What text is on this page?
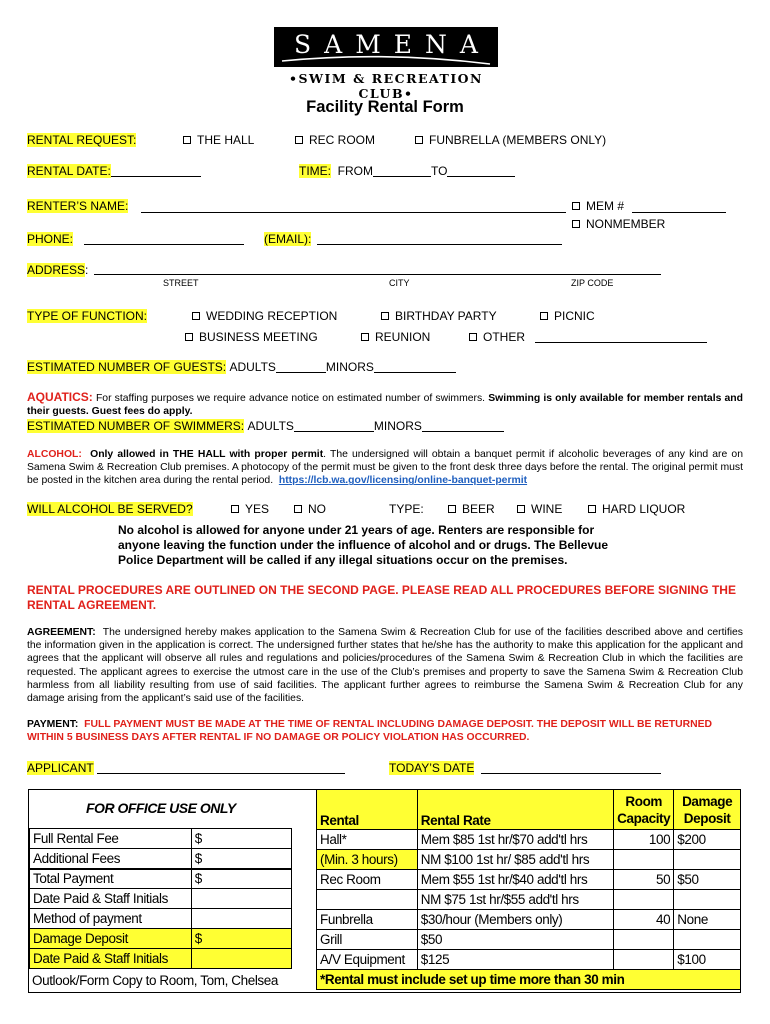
SAMENA
•SWIM & RECREATION CLUB•
Facility Rental Form
RENTAL REQUEST:	THE HALL	REC ROOM	FUNBRELLA (MEMBERS ONLY)
RENTAL DATE:	TIME: FROM	TO
RENTER’S NAME:	MEM #
NONMEMBER
PHONE:	(EMAIL):
ADDRESS:
STREET	CITY	ZIP CODE
TYPE OF FUNCTION:	WEDDING RECEPTION	BIRTHDAY PARTY	PICNIC
BUSINESS MEETING	REUNION	OTHER
ESTIMATED NUMBER OF GUESTS: ADULTS	MINORS
AQUATICS: For staffing purposes we require advance notice on estimated number of swimmers. Swimming is only available for member rentals and their guests. Guest fees do apply.
ESTIMATED NUMBER OF SWIMMERS: ADULTS	MINORS
ALCOHOL: Only allowed in THE HALL with proper permit. The undersigned will obtain a banquet permit if alcoholic beverages of any kind are on Samena Swim & Recreation Club premises. A photocopy of the permit must be given to the front desk three days before the rental. The original permit must be posted in the kitchen area during the rental period. https://lcb.wa.gov/licensing/online-banquet-permit
WILL ALCOHOL BE SERVED?	YES	NO	TYPE:	BEER	WINE	HARD LIQUOR
No alcohol is allowed for anyone under 21 years of age. Renters are responsible for anyone leaving the function under the influence of alcohol and or drugs. The Bellevue Police Department will be called if any illegal situations occur on the premises.
RENTAL PROCEDURES ARE OUTLINED ON THE SECOND PAGE. PLEASE READ ALL PROCEDURES BEFORE SIGNING THE RENTAL AGREEMENT.
AGREEMENT: The undersigned hereby makes application to the Samena Swim & Recreation Club for use of the facilities described above and certifies the information given in the application is correct. The undersigned further states that he/she has the authority to make this application for the applicant and agrees that the applicant will observe all rules and regulations and policies/procedures of the Samena Swim & Recreation Club in which the facilities are requested. The applicant agrees to exercise the utmost care in the use of the Club’s premises and property to save the Samena Swim & Recreation Club harmless from all liability resulting from use of said facilities. The applicant further agrees to reimburse the Samena Swim & Recreation Club for any damage arising from the applicant’s said use of the facilities.
PAYMENT: FULL PAYMENT MUST BE MADE AT THE TIME OF RENTAL INCLUDING DAMAGE DEPOSIT. THE DEPOSIT WILL BE RETURNED WITHIN 5 BUSINESS DAYS AFTER RENTAL IF NO DAMAGE OR POLICY VIOLATION HAS OCCURRED.
APPLICANT	TODAY’S DATE
FOR OFFICE USE ONLY
Full Rental Fee	$
Additional Fees	$
Total Payment	$
Date Paid & Staff Initials	
Method of payment	
Damage Deposit	$
Date Paid & Staff Initials	
Outlook/Form Copy to Room, Tom, Chelsea
Rental	Rental Rate	Room Capacity	Damage Deposit
Hall*	Mem $85 1st hr/$70 add'tl hrs	100	$200
(Min. 3 hours)	NM $100 1st hr/ $85 add'tl hrs		
Rec Room	Mem $55 1st hr/$40 add'tl hrs	50	$50
	NM $75 1st hr/$55 add'tl hrs		
Funbrella	$30/hour (Members only)	40	None
Grill	$50		
A/V Equipment	$125		$100
*Rental must include set up time more than 30 min			
